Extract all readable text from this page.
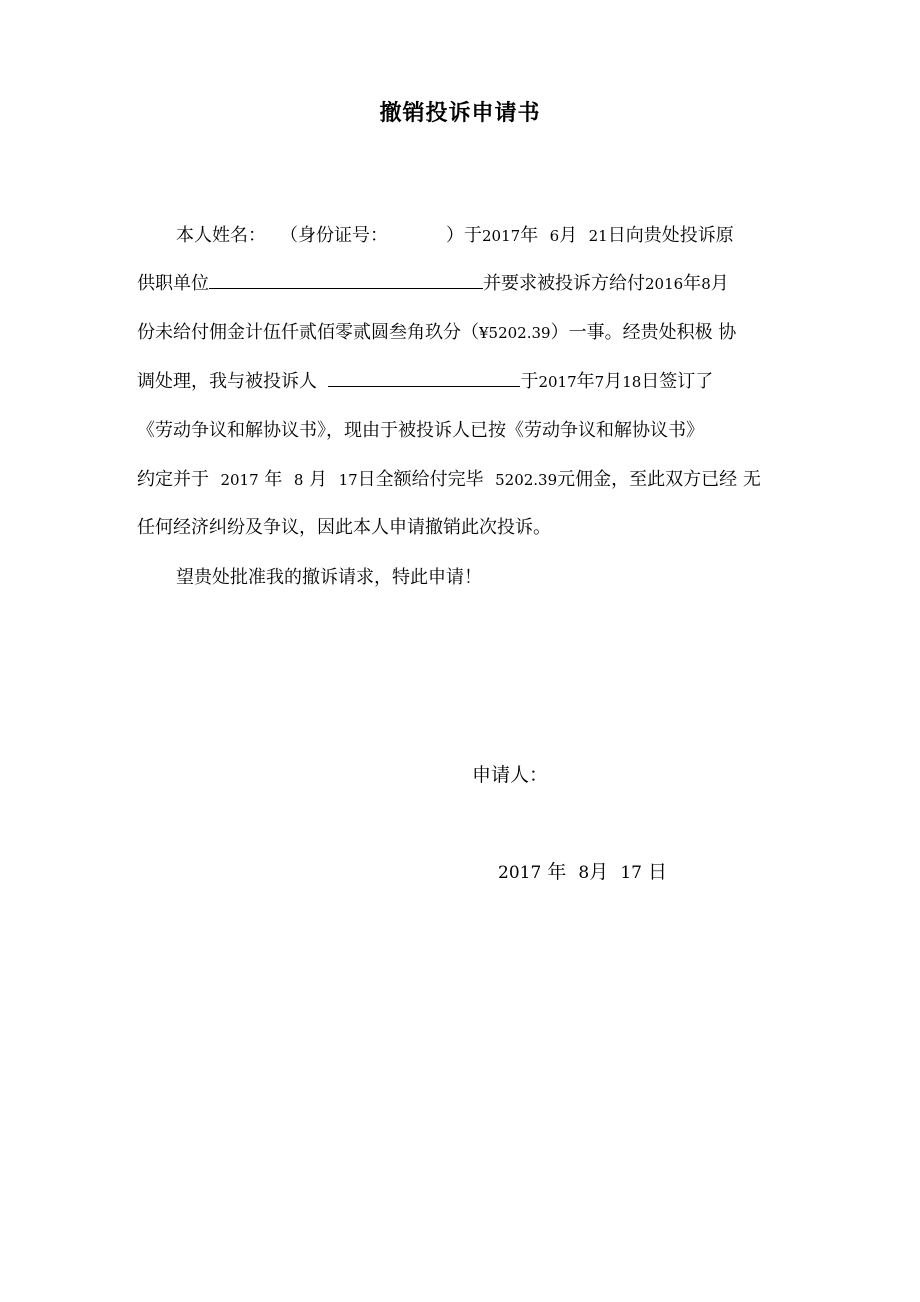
撤销投诉申请书
本人姓名： （身份证号：	）于2017年 6月 21日向贵处投诉原
供职单位	并要求被投诉方给付2016年8月
份未给付佣金计伍仟贰佰零贰圆叁角玖分（¥5202.39）一事。经贵处积极 协
调处理，我与被投诉人	于2017年7月18日签订了
《劳动争议和解协议书》，现由于被投诉人已按《劳动争议和解协议书》
约定并于 2017 年 8 月 17日全额给付完毕 5202.39元佣金，至此双方已经 无
任何经济纠纷及争议，因此本人申请撤销此次投诉。
望贵处批准我的撤诉请求，特此申请！
申请人：
2017 年 8月 17 日
